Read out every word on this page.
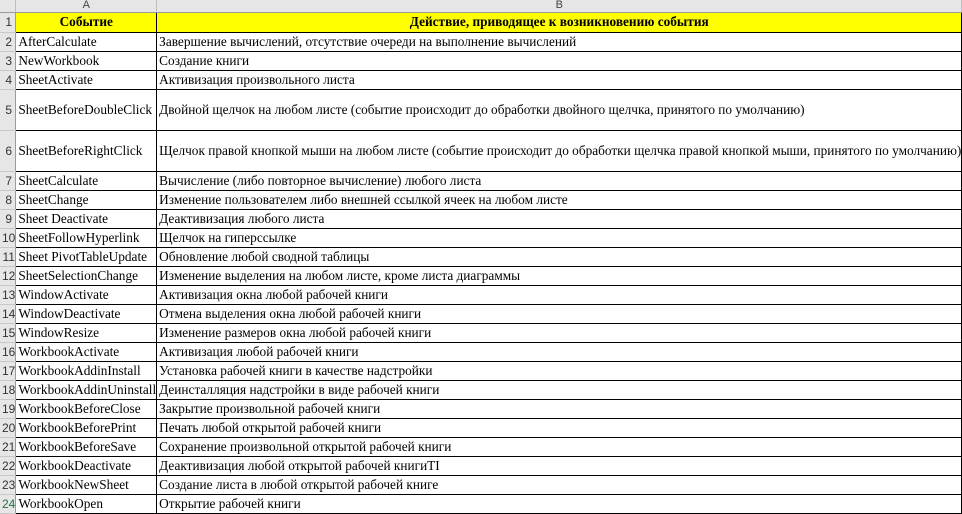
	A	B
1	Событие	Действие, приводящее к возникновению события
2	AfterCalculate	Завершение вычислений, отсутствие очереди на выполнение вычислений
3	NewWorkbook	Создание книги
4	SheetActivate	Активизация произвольного листа
5	SheetBeforeDoubleClick	Двойной щелчок на любом листе (событие происходит до обработки двойного щелчка, принятого по умолчанию)
6	SheetBeforeRightClick	Щелчок правой кнопкой мыши на любом листе (событие происходит до обработки щелчка правой кнопкой мыши, принятого по умолчанию)
7	SheetCalculate	Вычисление (либо повторное вычисление) любого листа
8	SheetChange	Изменение пользователем либо внешней ссылкой ячеек на любом листе
9	Sheet Deactivate	Деактивизация любого листа
10	SheetFollowHyperlink	Щелчок на гиперссылке
11	Sheet PivotTableUpdate	Обновление любой сводной таблицы
12	SheetSelectionChange	Изменение выделения на любом листе, кроме листа диаграммы
13	WindowActivate	Активизация окна любой рабочей книги
14	WindowDeactivate	Отмена выделения окна любой рабочей книги
15	WindowResize	Изменение размеров окна любой рабочей книги
16	WorkbookActivate	Активизация любой рабочей книги
17	WorkbookAddinInstall	Установка рабочей книги в качестве надстройки
18	WorkbookAddinUninstall	Деинсталляция надстройки в виде рабочей книги
19	WorkbookBeforeClose	Закрытие произвольной рабочей книги
20	WorkbookBeforePrint	Печать любой открытой рабочей книги
21	WorkbookBeforeSave	Сохранение произвольной открытой рабочей книги
22	WorkbookDeactivate	Деактивизация любой открытой рабочей книгиTI
23	WorkbookNewSheet	Создание листа в любой открытой рабочей книге
24	WorkbookOpen	Открытие рабочей книги
